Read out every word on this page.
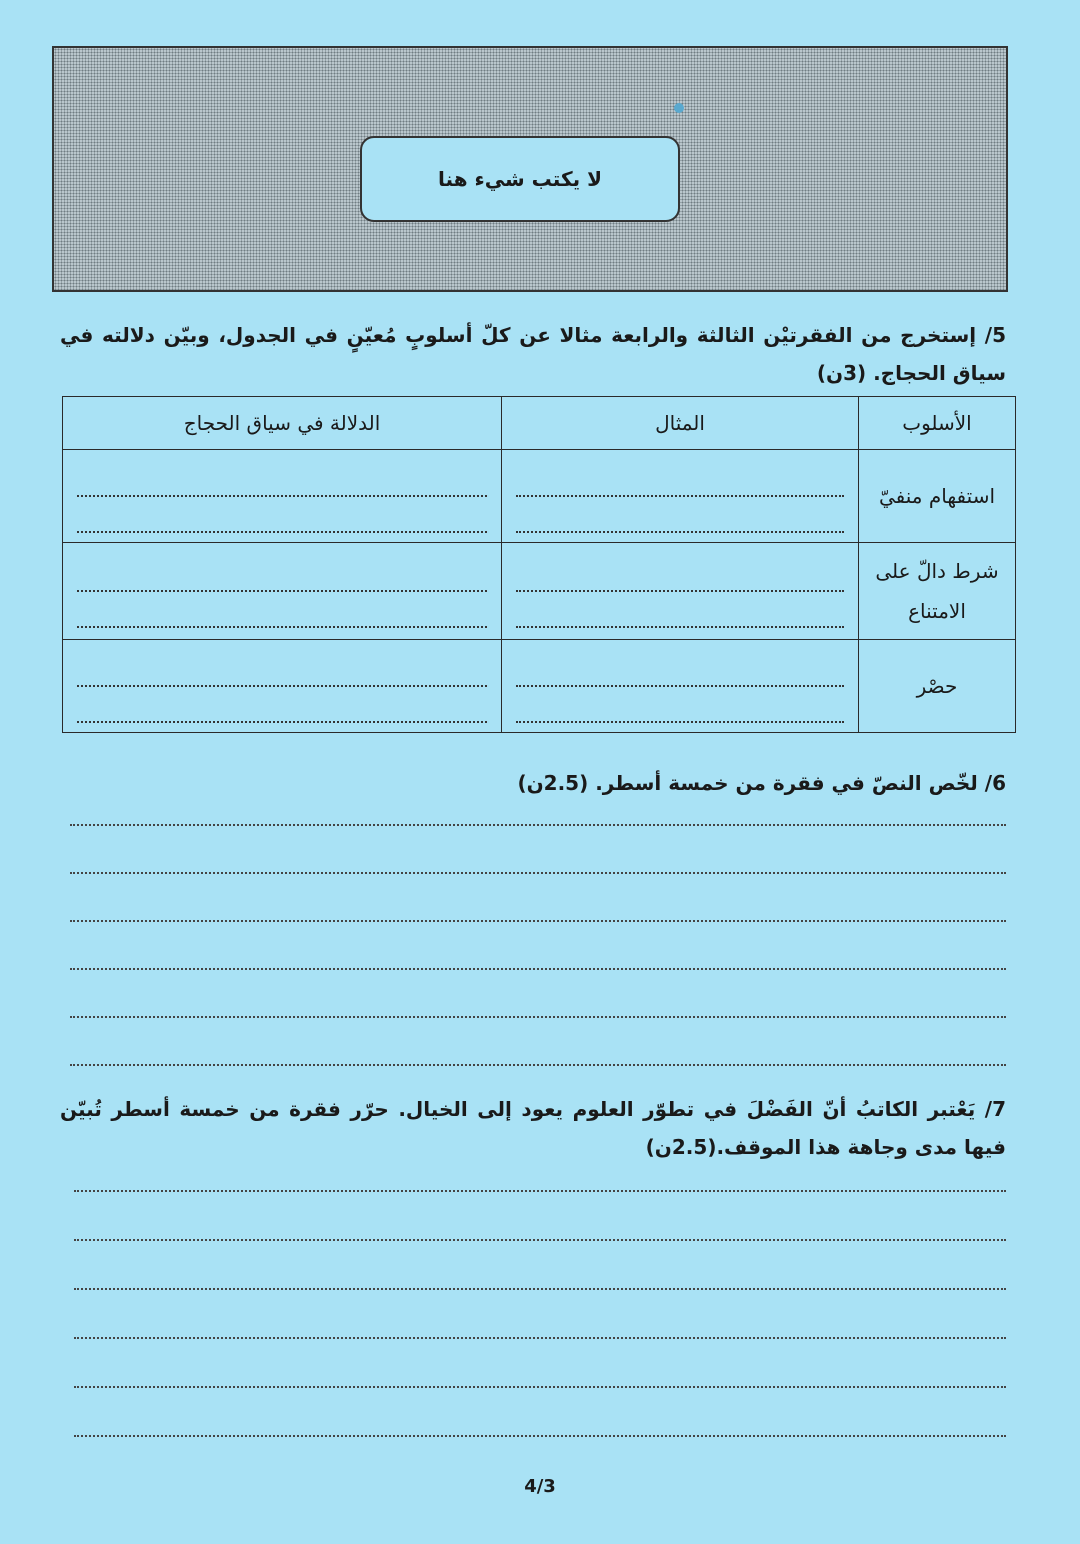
لا يكتب شيء هنا
5/ إستخرج من الفقرتيْن الثالثة والرابعة مثالا عن كلّ أسلوبٍ مُعيّنٍ في الجدول، وبيّن دلالته في سياق الحجاج. (3ن)
الأسلوب	المثال	الدلالة في سياق الحجاج
استفهام منفيّ	

شرط دالّ على الامتناع	

حصْر	

6/ لخّص النصّ في فقرة من خمسة أسطر. (2.5ن)
7/ يَعْتبر الكاتبُ أنّ الفَضْلَ في تطوّر العلوم يعود إلى الخيال. حرّر فقرة من خمسة أسطر تُبيّن فيها مدى وجاهة هذا الموقف.(2.5ن)
4/3
